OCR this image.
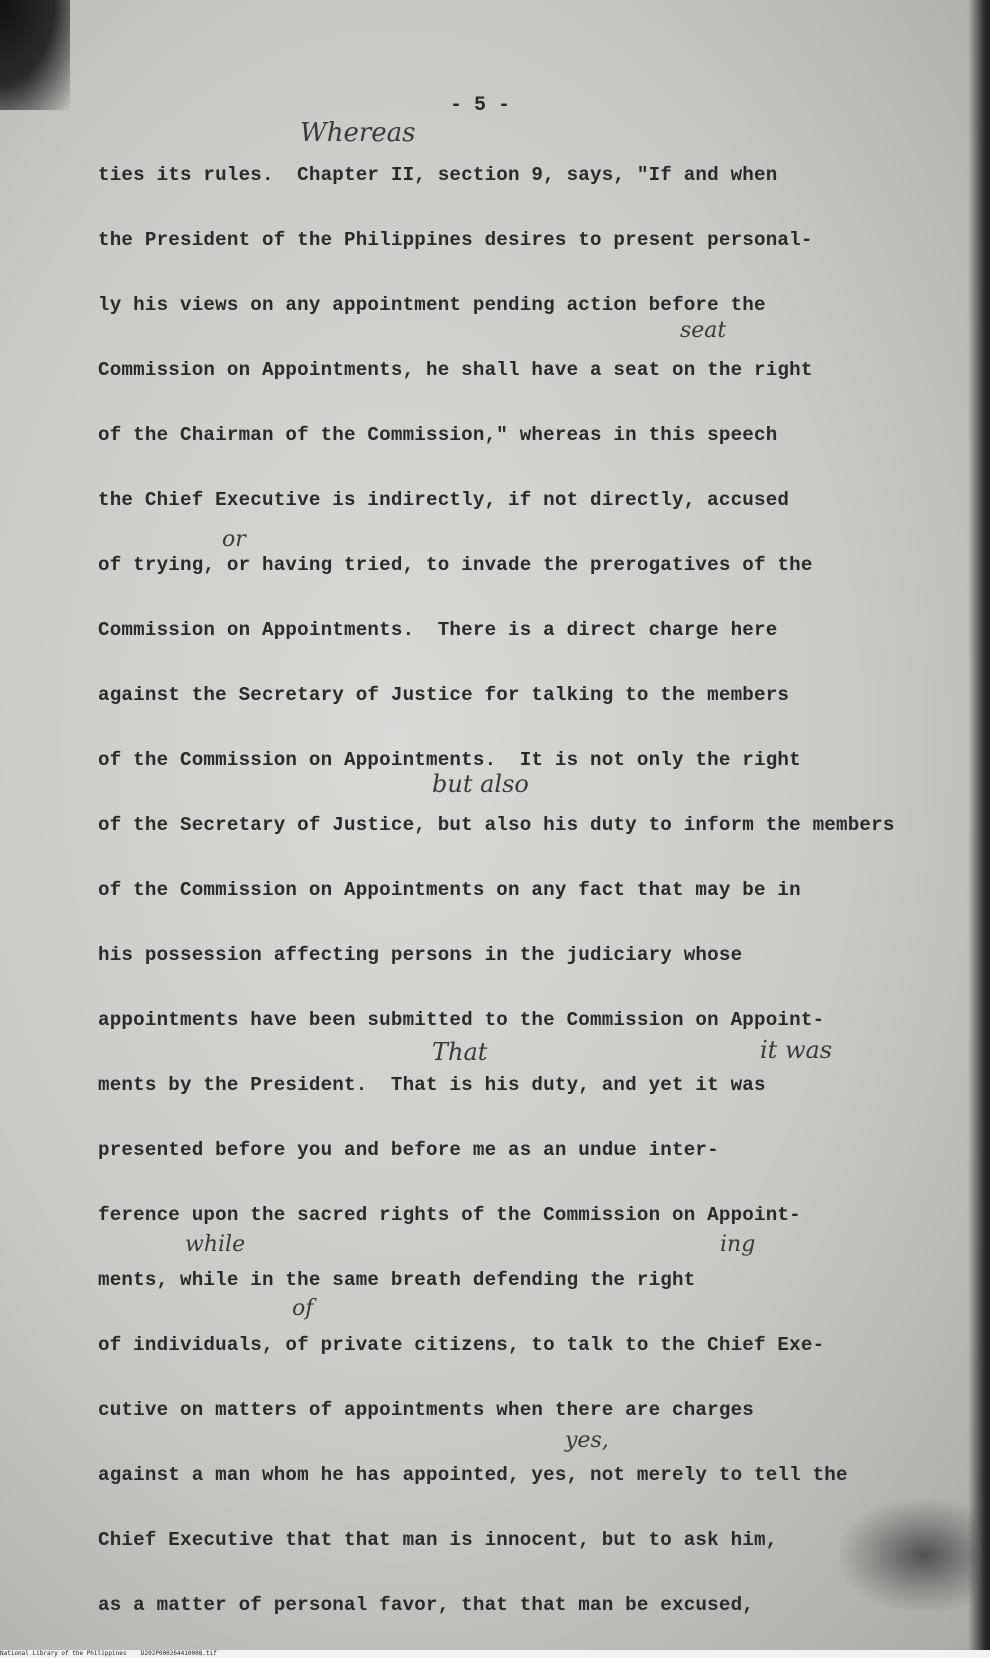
- 5 -
ties its rules.  Chapter II, section 9, says, "If and when
the President of the Philippines desires to present personal-
ly his views on any appointment pending action before the
Commission on Appointments, he shall have a seat on the right
of the Chairman of the Commission," whereas in this speech
the Chief Executive is indirectly, if not directly, accused
of trying, or having tried, to invade the prerogatives of the
Commission on Appointments.  There is a direct charge here
against the Secretary of Justice for talking to the members
of the Commission on Appointments.  It is not only the right
of the Secretary of Justice, but also his duty to inform the members
of the Commission on Appointments on any fact that may be in
his possession affecting persons in the judiciary whose
appointments have been submitted to the Commission on Appoint-
ments by the President.  That is his duty, and yet it was
presented before you and before me as an undue inter-
ference upon the sacred rights of the Commission on Appoint-
ments, while in the same breath defending the right
of individuals, of private citizens, to talk to the Chief Exe-
cutive on matters of appointments when there are charges
against a man whom he has appointed, yes, not merely to tell the
Chief Executive that that man is innocent, but to ask him,
as a matter of personal favor, that that man be excused,
Whereas
seat
or
but also
That	it was
while	ing
of
yes,
National Library of the Philippines D202P000264410008.tif
